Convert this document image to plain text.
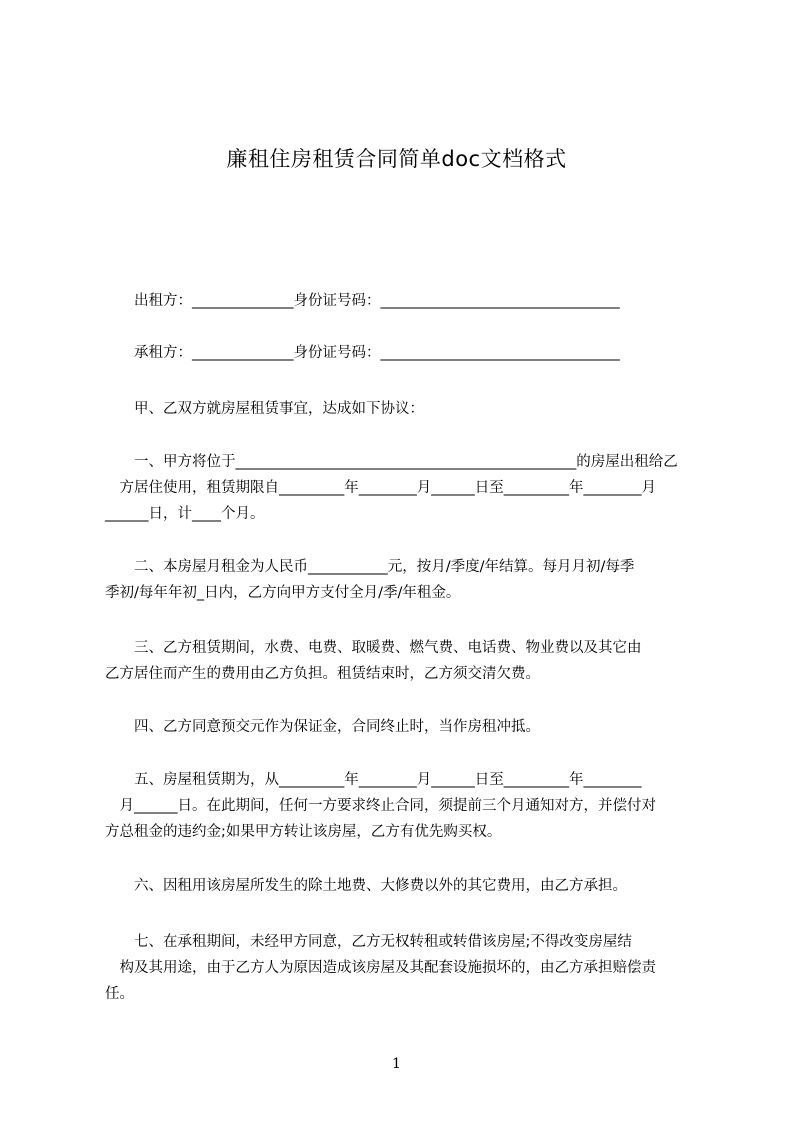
廉租住房租赁合同简单doc文档格式
　　出租方：______________身份证号码：_________________________________
　　承租方：______________身份证号码：_________________________________
　　甲、乙双方就房屋租赁事宜，达成如下协议：
　　一、甲方将位于_______________________________________________的房屋出租给乙
　方居住使用，租赁期限自_________年________月______日至_________年________月
______日，计____个月。
　　二、本房屋月租金为人民币___________元，按月/季度/年结算。每月月初/每季
季初/每年年初_日内，乙方向甲方支付全月/季/年租金。
　　三、乙方租赁期间，水费、电费、取暖费、燃气费、电话费、物业费以及其它由
乙方居住而产生的费用由乙方负担。租赁结束时，乙方须交清欠费。
　　四、乙方同意预交元作为保证金，合同终止时，当作房租冲抵。
　　五、房屋租赁期为，从_________年________月______日至_________年________
　月______日。在此期间，任何一方要求终止合同，须提前三个月通知对方，并偿付对
方总租金的违约金;如果甲方转让该房屋，乙方有优先购买权。
　　六、因租用该房屋所发生的除土地费、大修费以外的其它费用，由乙方承担。
　　七、在承租期间，未经甲方同意，乙方无权转租或转借该房屋;不得改变房屋结
　构及其用途，由于乙方人为原因造成该房屋及其配套设施损坏的，由乙方承担赔偿责
任。
1
